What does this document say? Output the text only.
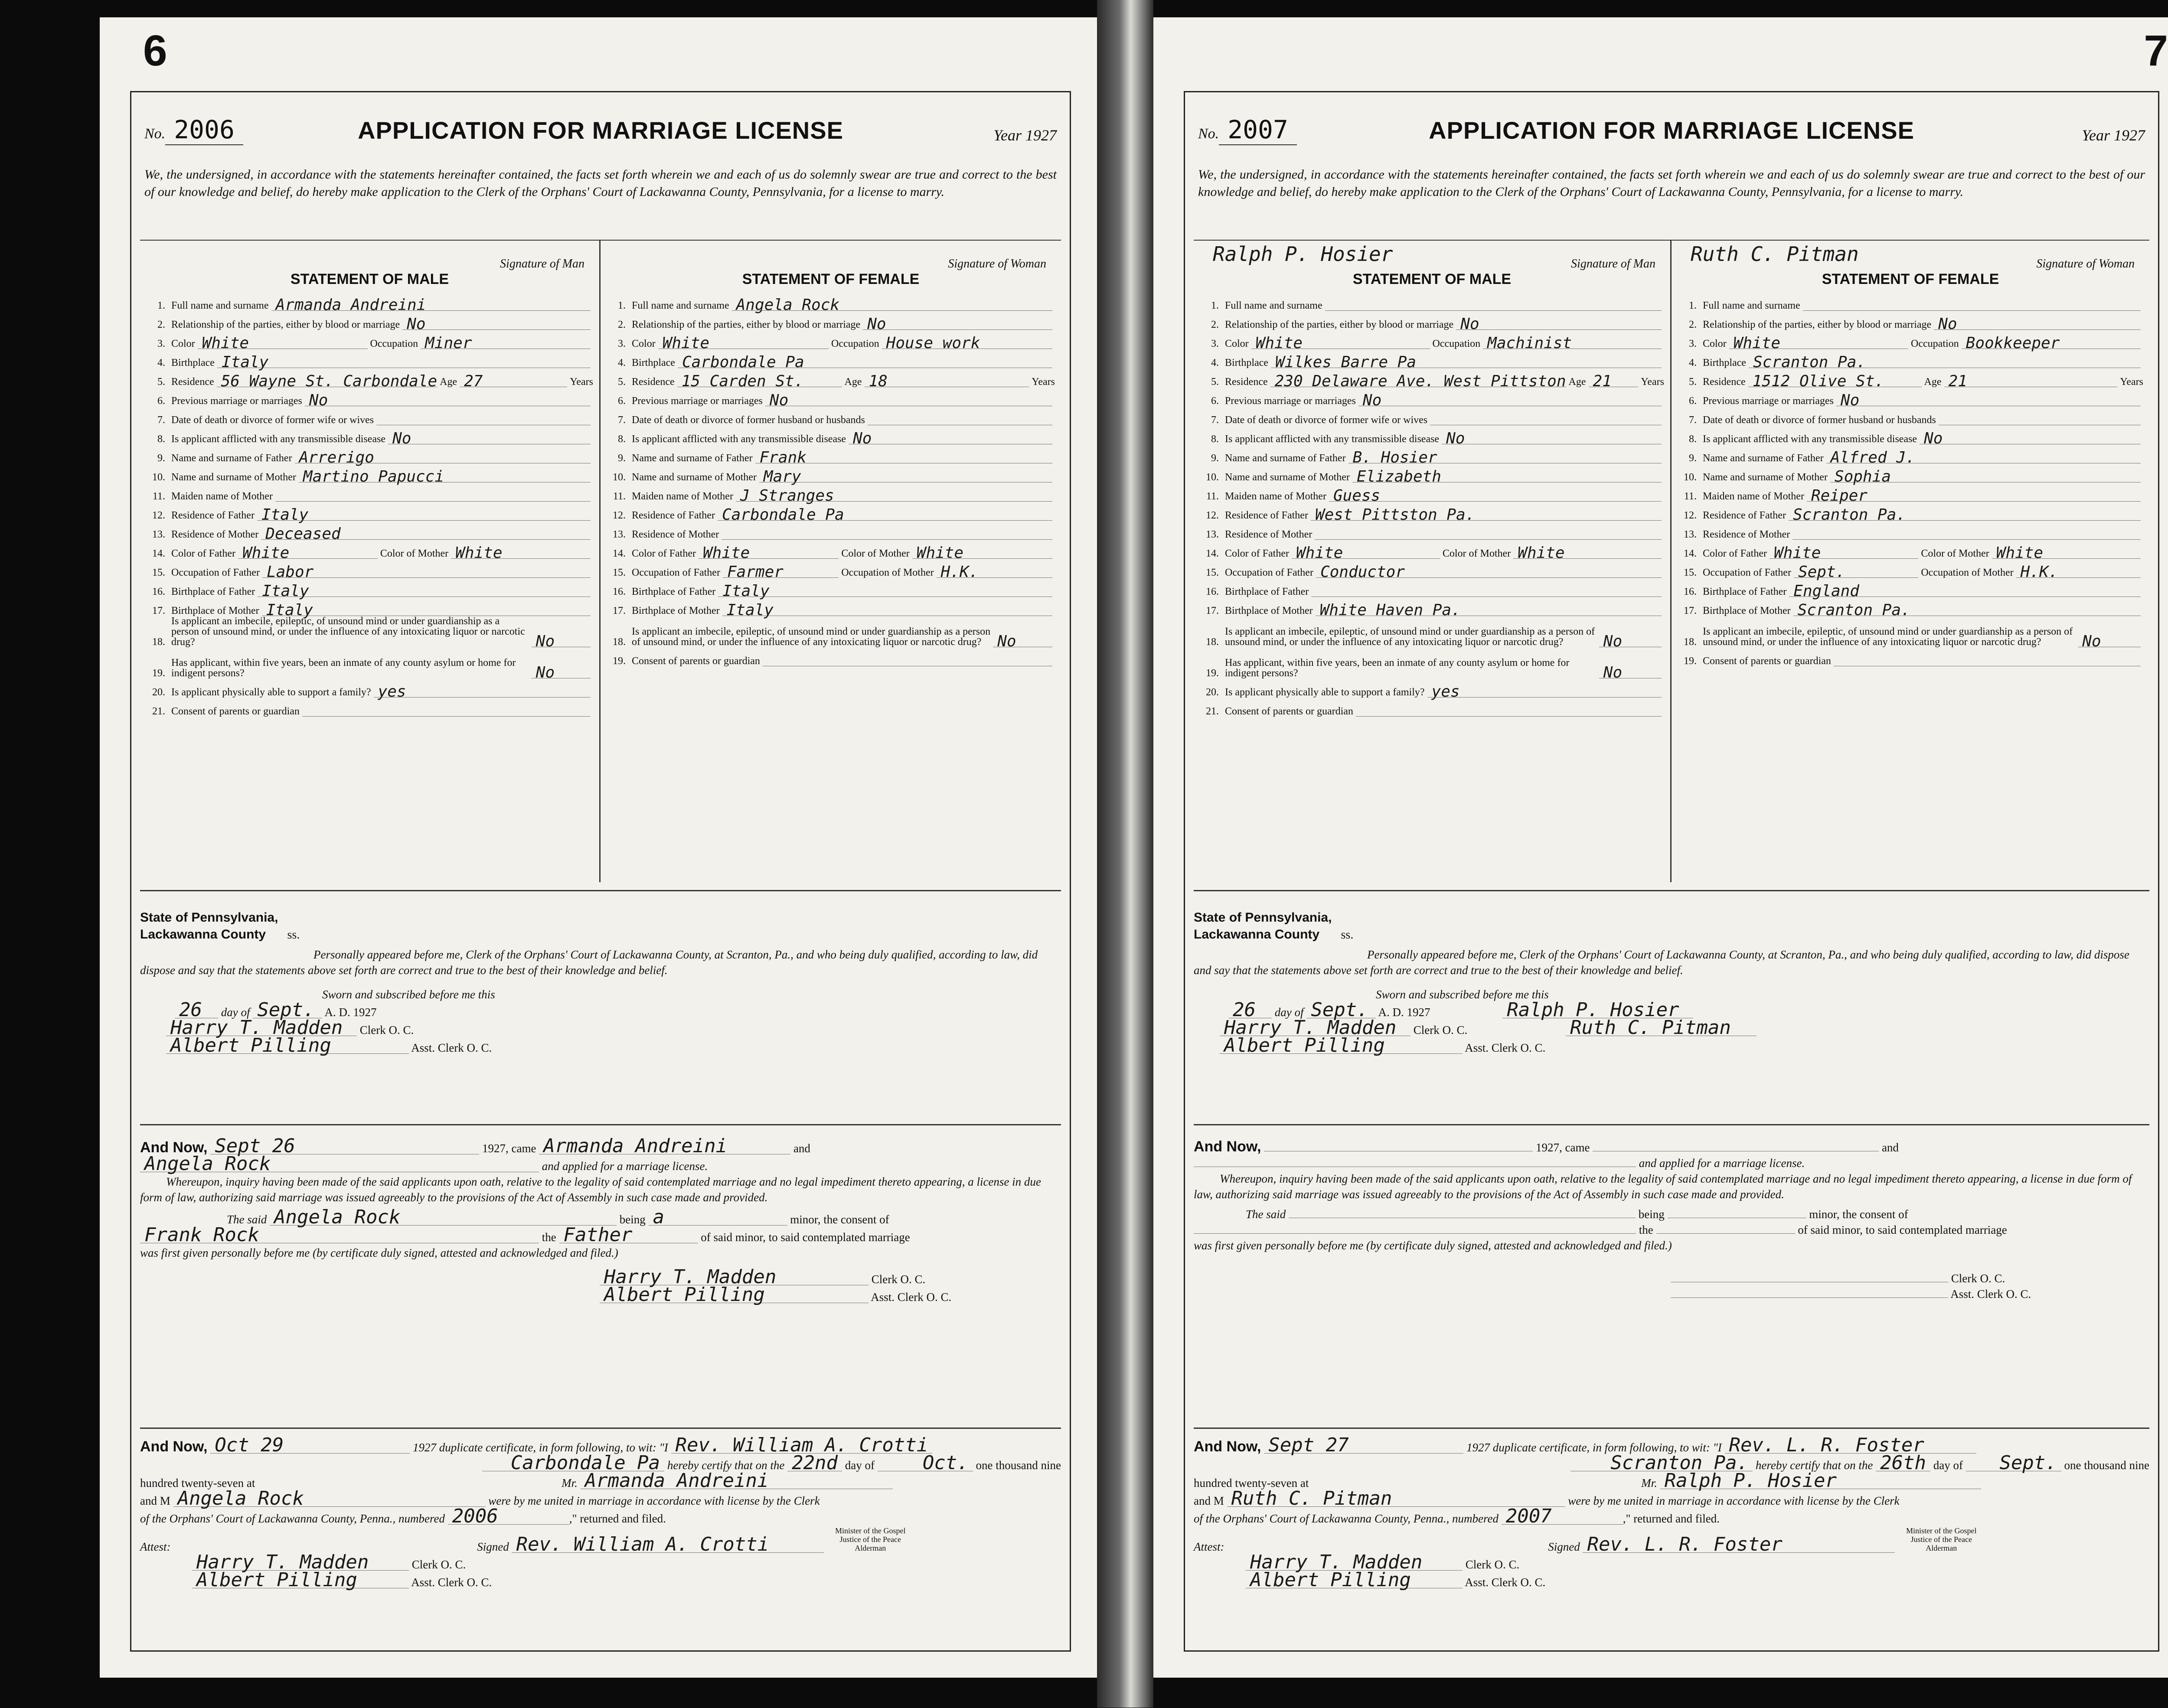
6
No. 2006	APPLICATION FOR MARRIAGE LICENSE	Year 1927
We, the undersigned, in accordance with the statements hereinafter contained, the facts set forth wherein we and each of us do solemnly swear are true and correct to the best of our knowledge and belief, do hereby make application to the Clerk of the Orphans' Court of Lackawanna County, Pennsylvania, for a license to marry.
Signature of Man
STATEMENT OF MALE
1. Full name and surname Armanda Andreini
2. Relationship of the parties, either by blood or marriage No
3. Color White	Occupation Miner
4. Birthplace Italy
5. Residence 56 Wayne St. Carbondale Age 27	Years
6. Previous marriage or marriages No
7. Date of death or divorce of former wife or wives
8. Is applicant afflicted with any transmissible disease No
9. Name and surname of Father Arrerigo
10. Name and surname of Mother Martino Papucci
11. Maiden name of Mother
12. Residence of Father Italy
13. Residence of Mother Deceased
14. Color of Father White	Color of Mother White
15. Occupation of Father Labor
16. Birthplace of Father Italy
17. Birthplace of Mother Italy
18.
Is applicant an imbecile, epileptic, of unsound mind or under guardianship as a person of unsound mind, or under the influence of any intoxicating liquor or narcotic drug?	No
19.
Has applicant, within five years, been an inmate of any county asylum or home for indigent persons?	No
20. Is applicant physically able to support a family? yes
21. Consent of parents or guardian
Signature of Woman
STATEMENT OF FEMALE
1. Full name and surname Angela Rock
2. Relationship of the parties, either by blood or marriage No
3. Color White	Occupation House work
4. Birthplace Carbondale Pa
5. Residence 15 Carden St.	Age 18	Years
6. Previous marriage or marriages No
7. Date of death or divorce of former husband or husbands
8. Is applicant afflicted with any transmissible disease No
9. Name and surname of Father Frank
10. Name and surname of Mother Mary
11. Maiden name of Mother J Stranges
12. Residence of Father Carbondale Pa
13. Residence of Mother
14. Color of Father White	Color of Mother White
15. Occupation of Father Farmer	Occupation of Mother H.K.
16. Birthplace of Father Italy
17. Birthplace of Mother Italy
18.
Is applicant an imbecile, epileptic, of unsound mind or under guardianship as a person of unsound mind, or under the influence of any intoxicating liquor or narcotic drug?	No
19. Consent of parents or guardian
State of Pennsylvania,
Lackawanna County ss.
Personally appeared before me, Clerk of the Orphans' Court of Lackawanna County, at Scranton, Pa., and who being duly qualified, according to law, did dispose and say that the statements above set forth are correct and true to the best of their knowledge and belief.
Sworn and subscribed before me this
26 day of Sept. A. D. 1927
Harry T. Madden Clerk O. C.
Albert Pilling	Asst. Clerk O. C.
And Now, Sept 26	1927, came Armanda Andreini	and
Angela Rock	and applied for a marriage license.
Whereupon, inquiry having been made of the said applicants upon oath, relative to the legality of said contemplated marriage and no legal impediment thereto appearing, a license in due form of law, authorizing said marriage was issued agreeably to the provisions of the Act of Assembly in such case made and provided.
The said Angela Rock	being a	minor, the consent of
Frank Rock	the Father	of said minor, to said contemplated marriage
was first given personally before me (by certificate duly signed, attested and acknowledged and filed.)
Harry T. Madden	Clerk O. C.
Albert Pilling	Asst. Clerk O. C.
And Now, Oct 29	1927 duplicate certificate, in form following, to wit: "I Rev. William A. Crotti
Carbondale Pa hereby certify that on the 22nd day of	Oct. one thousand nine
hundred twenty-seven at	Mr. Armanda Andreini
and M Angela Rock	were by me united in marriage in accordance with license by the Clerk
of the Orphans' Court of Lackawanna County, Penna., numbered 2006	," returned and filed.
Attest:	Signed Rev. William A. Crotti Minister of the Gospel Justice of the Peace Alderman
Harry T. Madden	Clerk O. C.
Albert Pilling	Asst. Clerk O. C.
7
No. 2007	APPLICATION FOR MARRIAGE LICENSE	Year 1927
We, the undersigned, in accordance with the statements hereinafter contained, the facts set forth wherein we and each of us do solemnly swear are true and correct to the best of our knowledge and belief, do hereby make application to the Clerk of the Orphans' Court of Lackawanna County, Pennsylvania, for a license to marry.
Ralph P. Hosier	Signature of Man
STATEMENT OF MALE
1. Full name and surname
2. Relationship of the parties, either by blood or marriage No
3. Color White	Occupation Machinist
4. Birthplace Wilkes Barre Pa
5. Residence 230 Delaware Ave. West Pittston Age 21	Years
6. Previous marriage or marriages No
7. Date of death or divorce of former wife or wives
8. Is applicant afflicted with any transmissible disease No
9. Name and surname of Father B. Hosier
10. Name and surname of Mother Elizabeth
11. Maiden name of Mother Guess
12. Residence of Father West Pittston Pa.
13. Residence of Mother
14. Color of Father White	Color of Mother White
15. Occupation of Father Conductor
16. Birthplace of Father
17. Birthplace of Mother White Haven Pa.
18.
Is applicant an imbecile, epileptic, of unsound mind or under guardianship as a person of unsound mind, or under the influence of any intoxicating liquor or narcotic drug?	No
19.
Has applicant, within five years, been an inmate of any county asylum or home for indigent persons?	No
20. Is applicant physically able to support a family? yes
21. Consent of parents or guardian
Ruth C. Pitman	Signature of Woman
STATEMENT OF FEMALE
1. Full name and surname
2. Relationship of the parties, either by blood or marriage No
3. Color White	Occupation Bookkeeper
4. Birthplace Scranton Pa.
5. Residence 1512 Olive St.	Age 21	Years
6. Previous marriage or marriages No
7. Date of death or divorce of former husband or husbands
8. Is applicant afflicted with any transmissible disease No
9. Name and surname of Father Alfred J.
10. Name and surname of Mother Sophia
11. Maiden name of Mother Reiper
12. Residence of Father Scranton Pa.
13. Residence of Mother
14. Color of Father White	Color of Mother White
15. Occupation of Father Sept.	Occupation of Mother H.K.
16. Birthplace of Father England
17. Birthplace of Mother Scranton Pa.
18.
Is applicant an imbecile, epileptic, of unsound mind or under guardianship as a person of unsound mind, or under the influence of any intoxicating liquor or narcotic drug?	No
19. Consent of parents or guardian
State of Pennsylvania,
Lackawanna County ss.
Personally appeared before me, Clerk of the Orphans' Court of Lackawanna County, at Scranton, Pa., and who being duly qualified, according to law, did dispose and say that the statements above set forth are correct and true to the best of their knowledge and belief.
Sworn and subscribed before me this
26 day of Sept. A. D. 1927	Ralph P. Hosier
Harry T. Madden Clerk O. C.	Ruth C. Pitman
Albert Pilling	Asst. Clerk O. C.
And Now,	1927, came	and
and applied for a marriage license.
Whereupon, inquiry having been made of the said applicants upon oath, relative to the legality of said contemplated marriage and no legal impediment thereto appearing, a license in due form of law, authorizing said marriage was issued agreeably to the provisions of the Act of Assembly in such case made and provided.
The said	being	minor, the consent of
the	of said minor, to said contemplated marriage
was first given personally before me (by certificate duly signed, attested and acknowledged and filed.)
Clerk O. C.
Asst. Clerk O. C.
And Now, Sept 27	1927 duplicate certificate, in form following, to wit: "I Rev. L. R. Foster
Scranton Pa. hereby certify that on the 26th day of Sept. one thousand nine
hundred twenty-seven at	Mr. Ralph P. Hosier
and M Ruth C. Pitman	were by me united in marriage in accordance with license by the Clerk
of the Orphans' Court of Lackawanna County, Penna., numbered 2007	," returned and filed.
Attest:	Signed Rev. L. R. Foster Minister of the Gospel Justice of the Peace Alderman
Harry T. Madden	Clerk O. C.
Albert Pilling	Asst. Clerk O. C.
